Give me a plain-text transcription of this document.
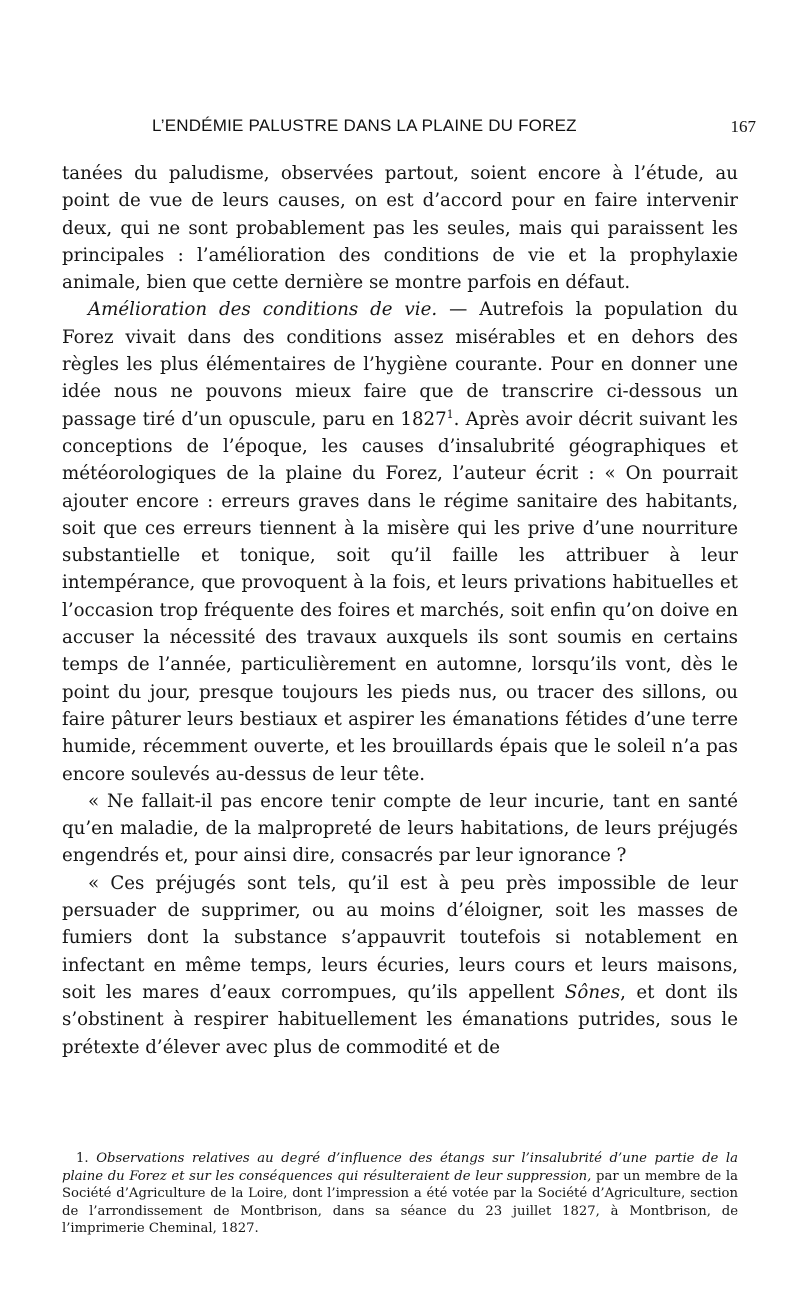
L’ENDÉMIE PALUSTRE DANS LA PLAINE DU FOREZ	167

tanées du paludisme, observées partout, soient encore à l’étude, au point de vue de leurs causes, on est d’accord pour en faire intervenir deux, qui ne sont probablement pas les seules, mais qui paraissent les principales : l’amélioration des conditions de vie et la prophylaxie animale, bien que cette dernière se montre parfois en défaut.

Amélioration des conditions de vie. — Autrefois la population du Forez vivait dans des conditions assez misérables et en dehors des règles les plus élémentaires de l’hygiène courante. Pour en donner une idée nous ne pouvons mieux faire que de transcrire ci-dessous un passage tiré d’un opuscule, paru en 1827$^1$. Après avoir décrit suivant les conceptions de l’époque, les causes d’insalubrité géographiques et météorologiques de la plaine du Forez, l’auteur écrit : « On pourrait ajouter encore : erreurs graves dans le régime sanitaire des habitants, soit que ces erreurs tiennent à la misère qui les prive d’une nourriture substantielle et tonique, soit qu’il faille les attribuer à leur intempérance, que provoquent à la fois, et leurs privations habituelles et l’occasion trop fréquente des foires et marchés, soit enfin qu’on doive en accuser la nécessité des travaux auxquels ils sont soumis en certains temps de l’année, particulièrement en automne, lorsqu’ils vont, dès le point du jour, presque toujours les pieds nus, ou tracer des sillons, ou faire pâturer leurs bestiaux et aspirer les émanations fétides d’une terre humide, récemment ouverte, et les brouillards épais que le soleil n’a pas encore soulevés au-dessus de leur tête.

« Ne fallait-il pas encore tenir compte de leur incurie, tant en santé qu’en maladie, de la malpropreté de leurs habitations, de leurs préjugés engendrés et, pour ainsi dire, consacrés par leur ignorance ?

« Ces préjugés sont tels, qu’il est à peu près impossible de leur persuader de supprimer, ou au moins d’éloigner, soit les masses de fumiers dont la substance s’appauvrit toutefois si notablement en infectant en même temps, leurs écuries, leurs cours et leurs maisons, soit les mares d’eaux corrompues, qu’ils appellent Sônes, et dont ils s’obstinent à respirer habituellement les émanations putrides, sous le prétexte d’élever avec plus de commodité et de

1. Observations relatives au degré d’influence des étangs sur l’insalubrité d’une partie de la plaine du Forez et sur les conséquences qui résulteraient de leur suppression, par un membre de la Société d’Agriculture de la Loire, dont l’impression a été votée par la Société d’Agriculture, section de l’arrondissement de Montbrison, dans sa séance du 23 juillet 1827, à Montbrison, de l’imprimerie Cheminal, 1827.
